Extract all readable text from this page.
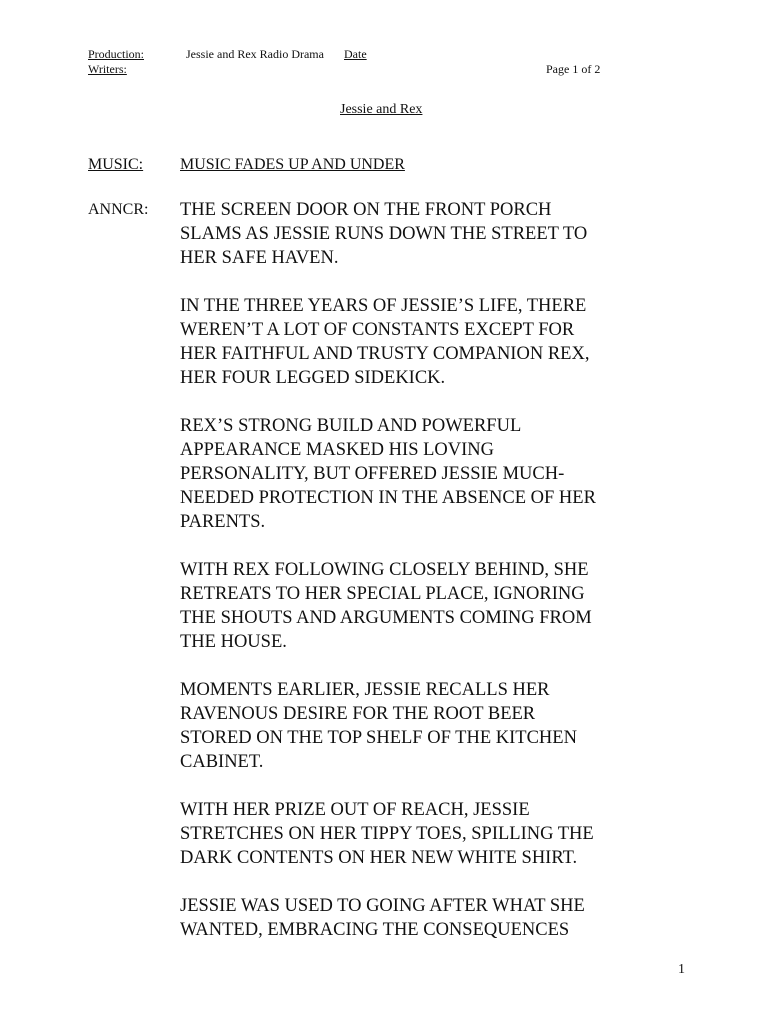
Production:	Jessie and Rex Radio Drama Date
Writers:	Page 1 of 2
Jessie and Rex
MUSIC: MUSIC FADES UP AND UNDER
ANNCR: THE SCREEN DOOR ON THE FRONT PORCH
SLAMS AS JESSIE RUNS DOWN THE STREET TO
HER SAFE HAVEN.

IN THE THREE YEARS OF JESSIE’S LIFE, THERE
WEREN’T A LOT OF CONSTANTS EXCEPT FOR
HER FAITHFUL AND TRUSTY COMPANION REX,
HER FOUR LEGGED SIDEKICK.

REX’S STRONG BUILD AND POWERFUL
APPEARANCE MASKED HIS LOVING
PERSONALITY, BUT OFFERED JESSIE MUCH-
NEEDED PROTECTION IN THE ABSENCE OF HER
PARENTS.

WITH REX FOLLOWING CLOSELY BEHIND, SHE
RETREATS TO HER SPECIAL PLACE, IGNORING
THE SHOUTS AND ARGUMENTS COMING FROM
THE HOUSE.

MOMENTS EARLIER, JESSIE RECALLS HER
RAVENOUS DESIRE FOR THE ROOT BEER
STORED ON THE TOP SHELF OF THE KITCHEN
CABINET.

WITH HER PRIZE OUT OF REACH, JESSIE
STRETCHES ON HER TIPPY TOES, SPILLING THE
DARK CONTENTS ON HER NEW WHITE SHIRT.

JESSIE WAS USED TO GOING AFTER WHAT SHE
WANTED, EMBRACING THE CONSEQUENCES

1
